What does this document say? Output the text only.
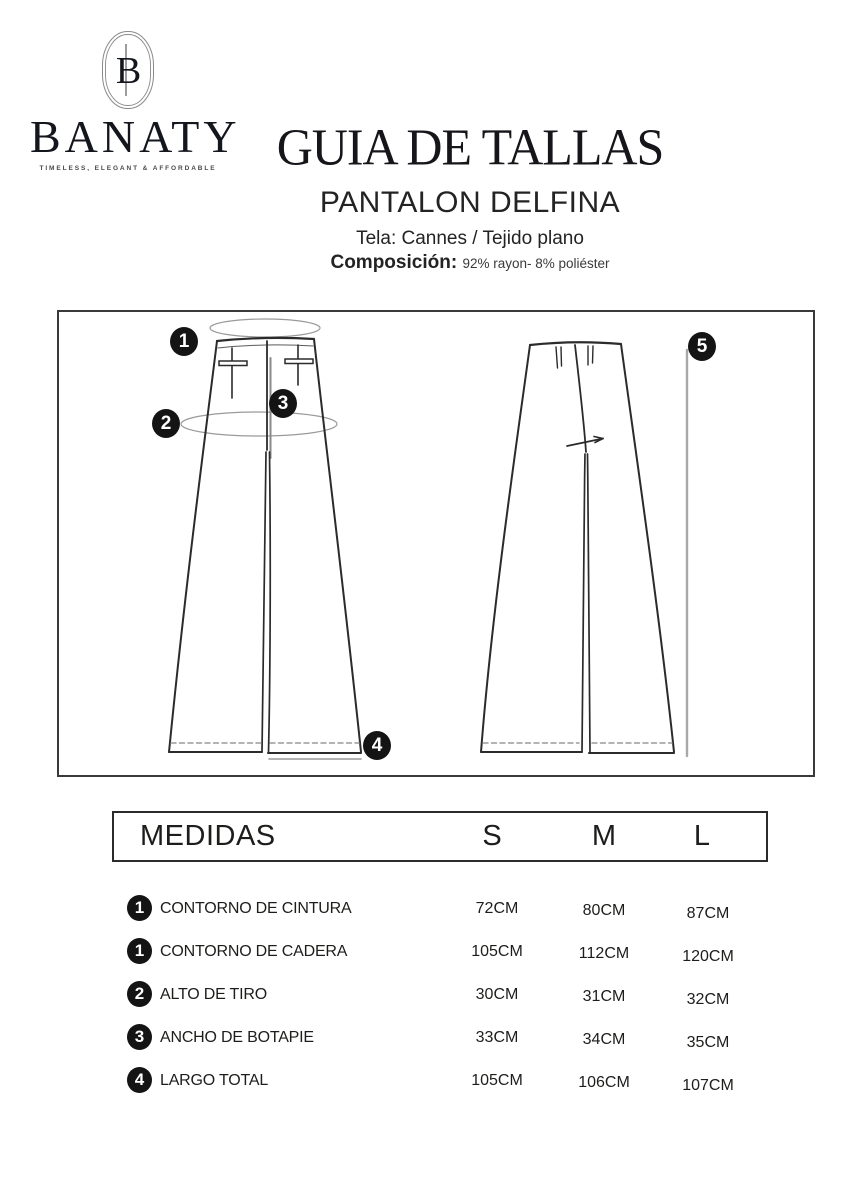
B
BANATY
TIMELESS, ELEGANT & AFFORDABLE	GUIA DE TALLAS
PANTALON DELFINA
Tela: Cannes / Tejido plano
Composición: 92% rayon- 8% poliéster
1
2
3
4
5
MEDIDAS	S	M	L
1 CONTORNO DE CINTURA	72CM	80CM	87CM
1 CONTORNO DE CADERA	105CM	112CM	120CM
2 ALTO DE TIRO	30CM	31CM	32CM
3 ANCHO DE BOTAPIE	33CM	34CM	35CM
4 LARGO TOTAL	105CM	106CM	107CM
